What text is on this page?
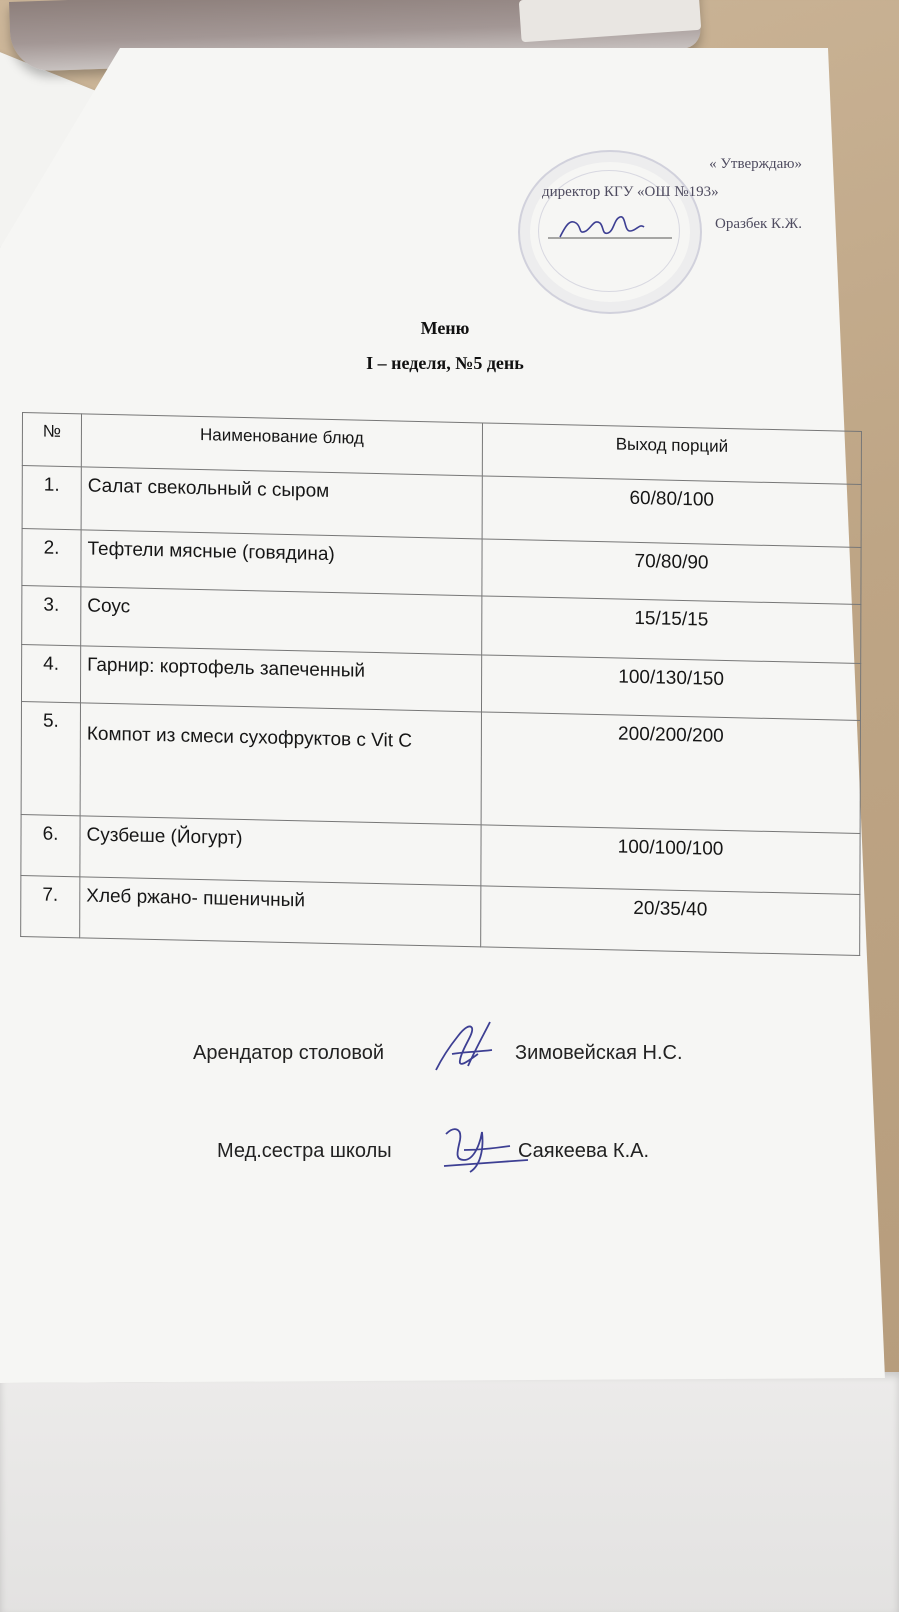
« Утверждаю»
директор КГУ «ОШ №193»
Оразбек К.Ж.
Меню
I – неделя, №5 день
№	Наименование блюд	Выход порций
1.	Салат свекольный с сыром	60/80/100
2.	Тефтели мясные (говядина)	70/80/90
3.	Соус	15/15/15
4.	Гарнир: кортофель запеченный	100/130/150
5.	Компот из смеси сухофруктов с Vit C	200/200/200
6.	Сузбеше (Йогурт)	100/100/100
7.	Хлеб ржано- пшеничный	20/35/40
Арендатор столовой	Зимовейская Н.С.
Мед.сестра школы	Саякеева К.А.
